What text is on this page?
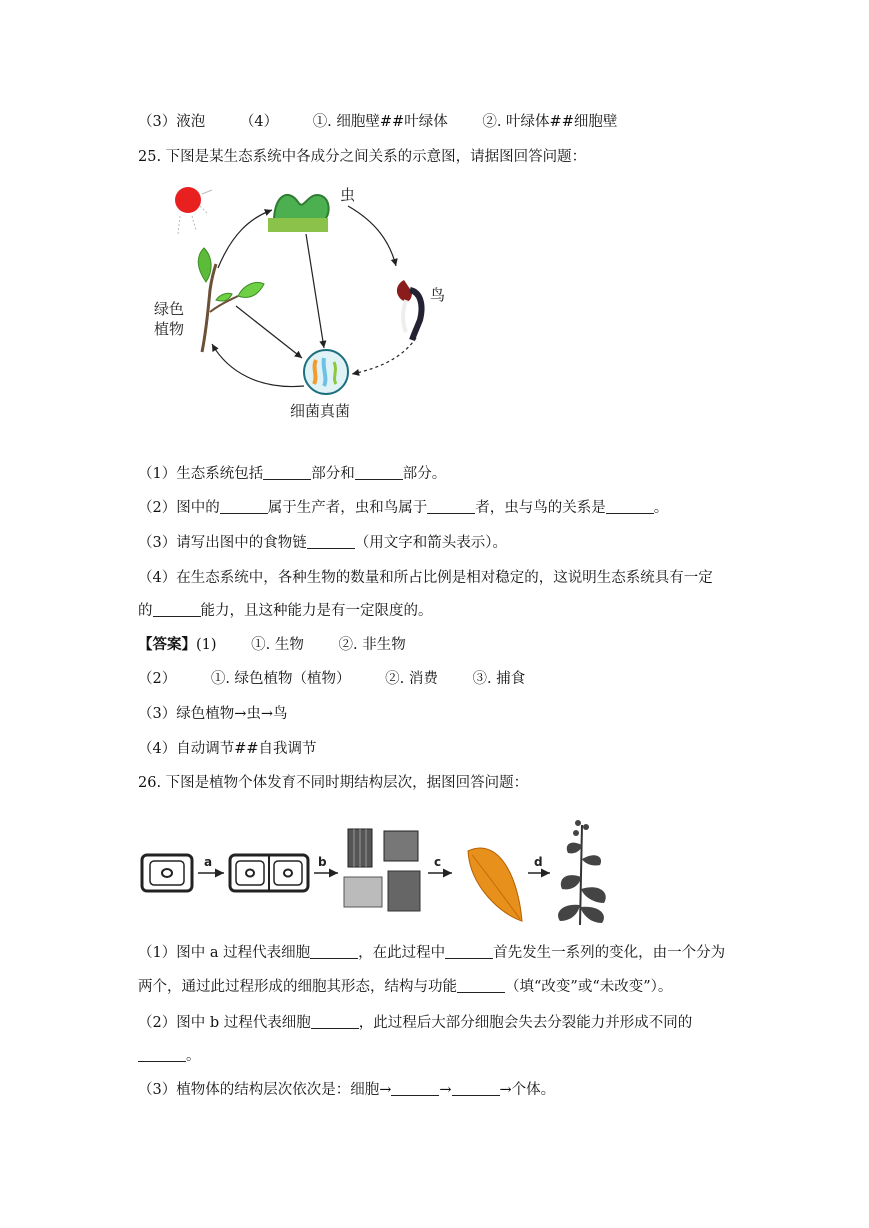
（3）液泡 （4） ①. 细胞壁##叶绿体 ②. 叶绿体##细胞壁
25. 下图是某生态系统中各成分之间关系的示意图，请据图回答问题：
虫
鸟
绿色
植物
细菌真菌
（1）生态系统包括	部分和	部分。
（2）图中的	属于生产者，虫和鸟属于	者，虫与鸟的关系是	。
（3）请写出图中的食物链	（用文字和箭头表示）。
（4）在生态系统中，各种生物的数量和所占比例是相对稳定的，这说明生态系统具有一定
的	能力，且这种能力是有一定限度的。
【答案】(1) ①. 生物 ②. 非生物
（2） ①. 绿色植物（植物） ②. 消费 ③. 捕食
（3）绿色植物→虫→鸟
（4）自动调节##自我调节
26. 下图是植物个体发育不同时期结构层次，据图回答问题：
a	b	c	d
（1）图中 a 过程代表细胞	，在此过程中	首先发生一系列的变化，由一个分为
两个，通过此过程形成的细胞其形态，结构与功能	（填“改变”或“未改变”）。
（2）图中 b 过程代表细胞	，此过程后大部分细胞会失去分裂能力并形成不同的
。
（3）植物体的结构层次依次是：细胞→	→	→个体。
